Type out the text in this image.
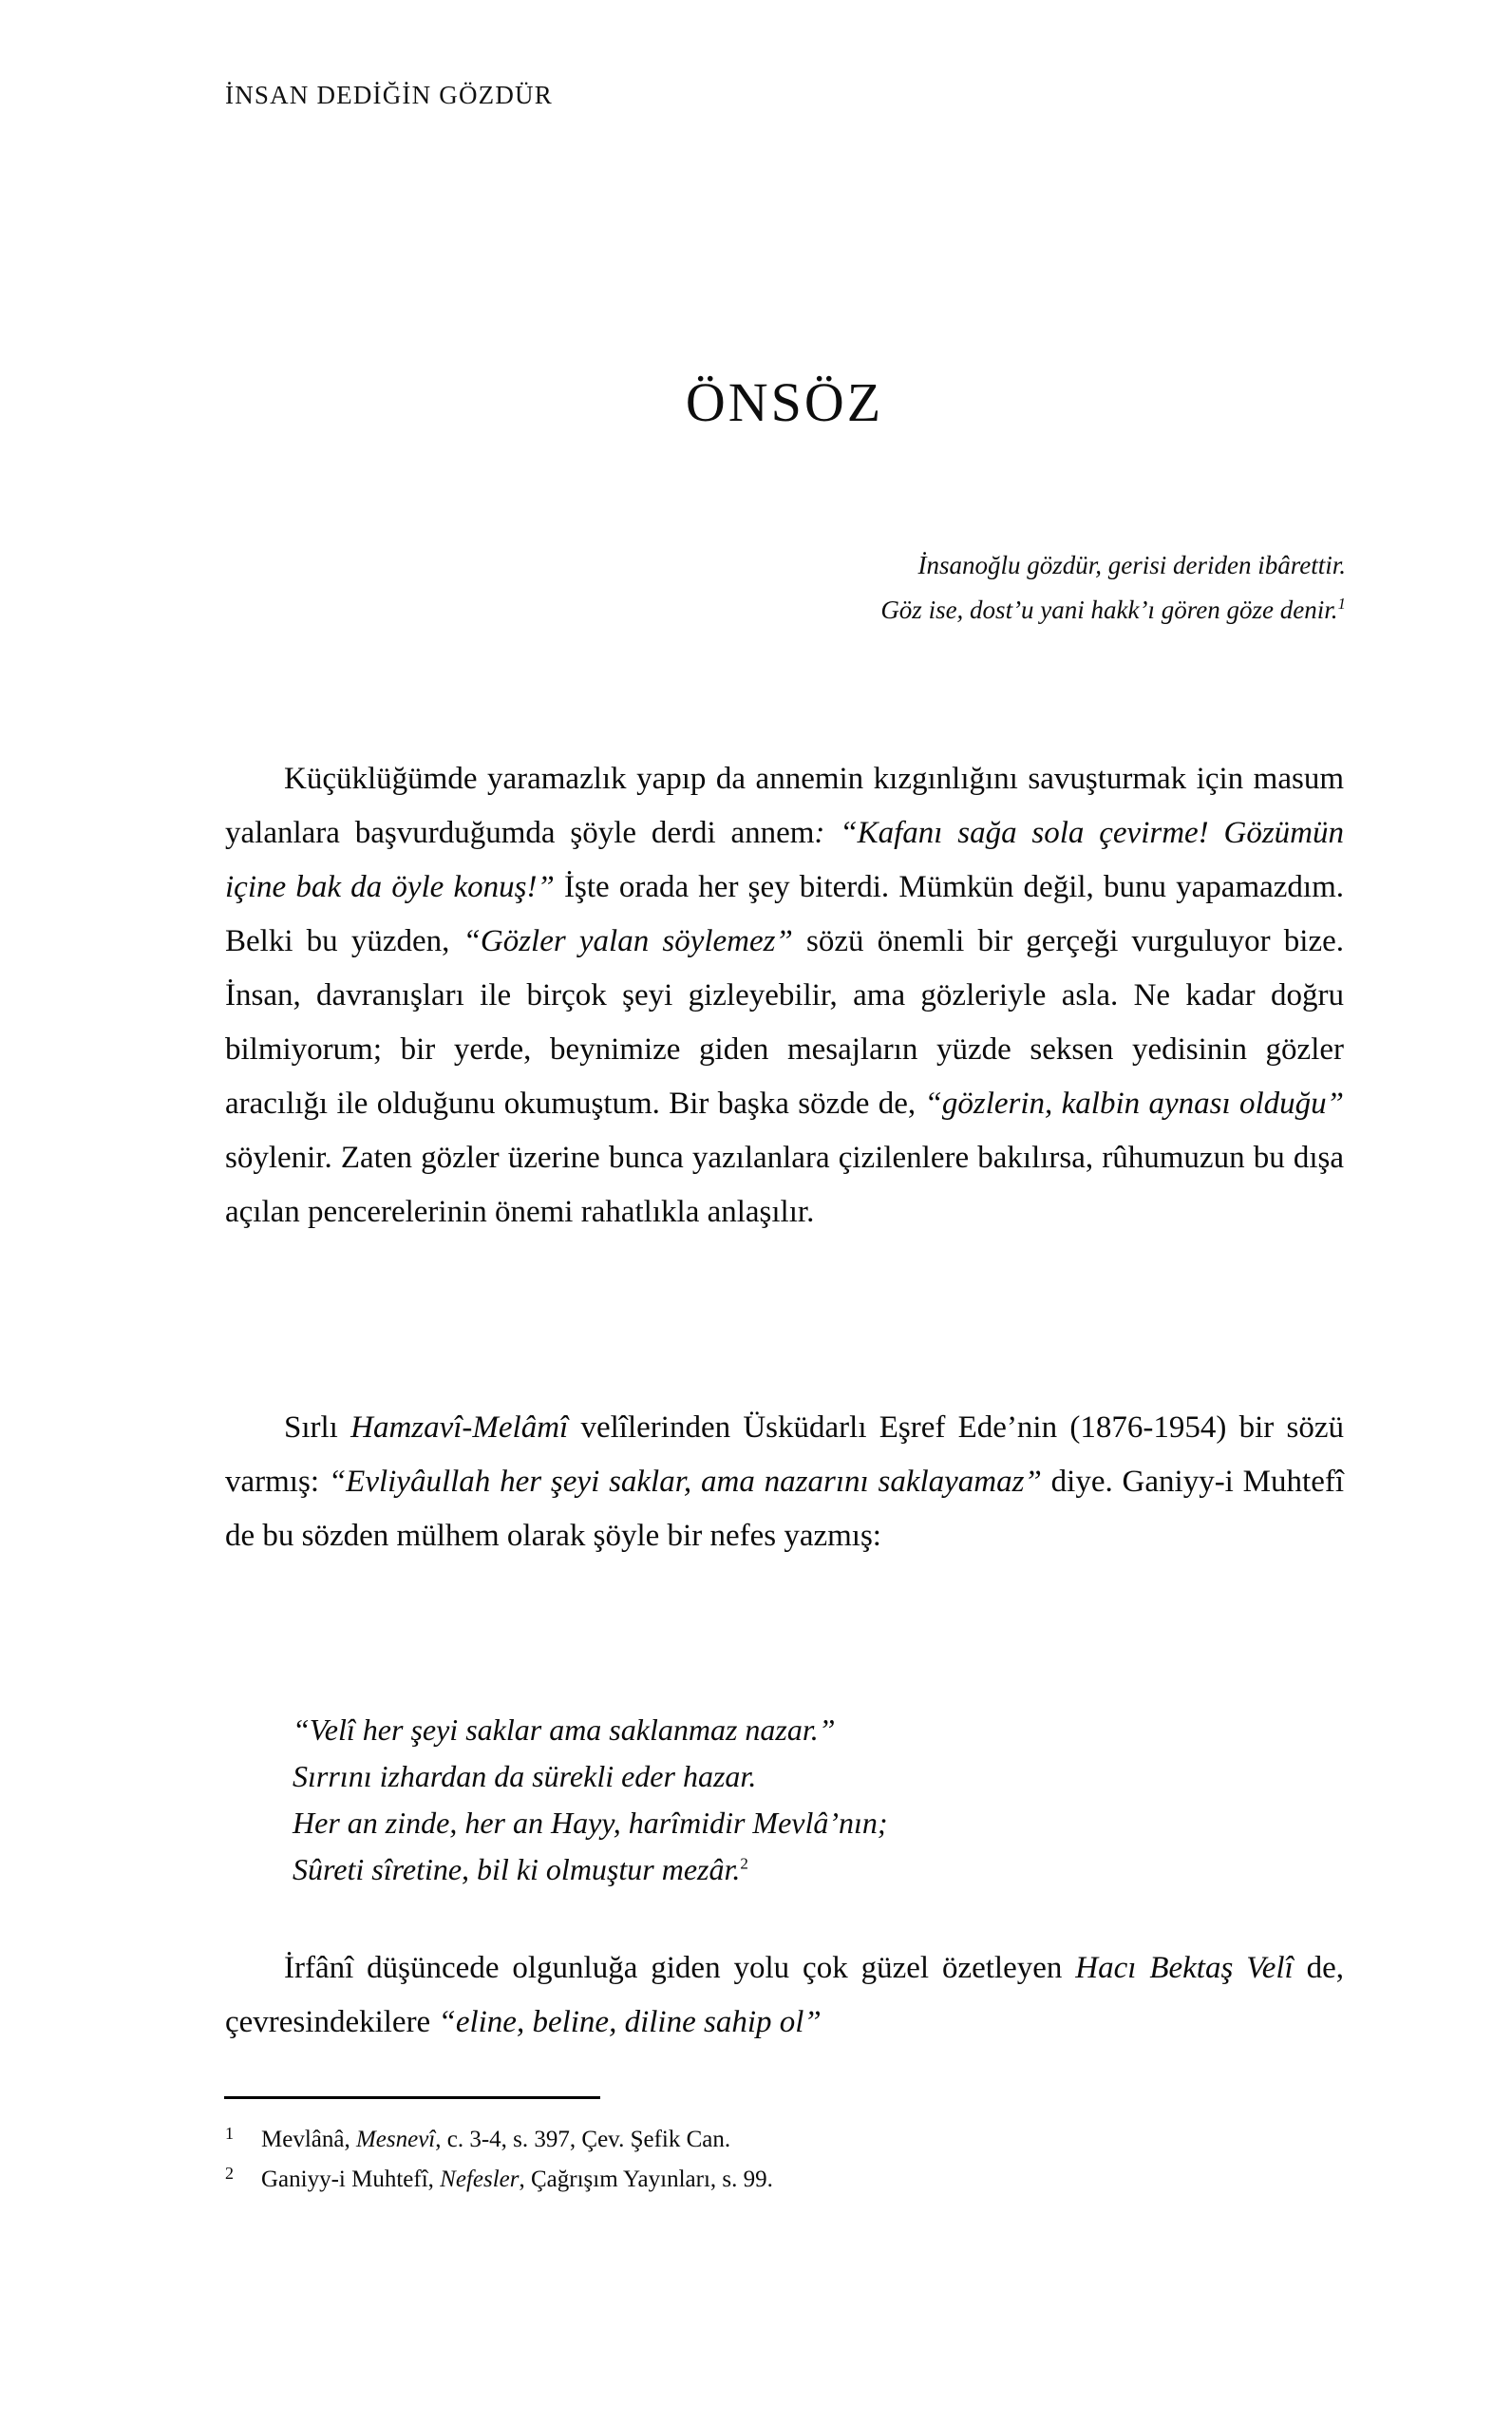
İNSAN DEDİĞİN GÖZDÜR
ÖNSÖZ
İnsanoğlu gözdür, gerisi deriden ibârettir.
Göz ise, dost’u yani hakk’ı gören göze denir.$^1$

Küçüklüğümde yaramazlık yapıp da annemin kızgınlığını savuşturmak için masum yalanlara başvurduğumda şöyle derdi annem: “Kafanı sağa sola çevirme! Gözümün içine bak da öyle konuş!” İşte orada her şey biterdi. Mümkün değil, bunu yapamazdım. Belki bu yüzden, “Gözler yalan söylemez” sözü önemli bir gerçeği vurguluyor bize. İnsan, davranışları ile birçok şeyi gizleyebilir, ama gözleriyle asla. Ne kadar doğru bilmiyorum; bir yerde, beynimize giden mesajların yüzde seksen yedisinin gözler aracılığı ile olduğunu okumuştum. Bir başka sözde de, “gözlerin, kalbin aynası olduğu” söylenir. Zaten gözler üzerine bunca yazılanlara çizilenlere bakılırsa, rûhumuzun bu dışa açılan pencerelerinin önemi rahatlıkla anlaşılır.

Sırlı Hamzavî-Melâmî velîlerinden Üsküdarlı Eşref Ede’nin (1876-1954) bir sözü varmış: “Evliyâullah her şeyi saklar, ama nazarını saklayamaz” diye. Ganiyy-i Muhtefî de bu sözden mülhem olarak şöyle bir nefes yazmış:

“Velî her şeyi saklar ama saklanmaz nazar.”
Sırrını izhardan da sürekli eder hazar.
Her an zinde, her an Hayy, harîmidir Mevlâ’nın;
Sûreti sîretine, bil ki olmuştur mezâr.$^2$

İrfânî düşüncede olgunluğa giden yolu çok güzel özetleyen Hacı Bektaş Velî de, çevresindekilere “eline, beline, diline sahip ol”

1 Mevlânâ, Mesnevî, c. 3-4, s. 397, Çev. Şefik Can.
2 Ganiyy-i Muhtefî, Nefesler, Çağrışım Yayınları, s. 99.
